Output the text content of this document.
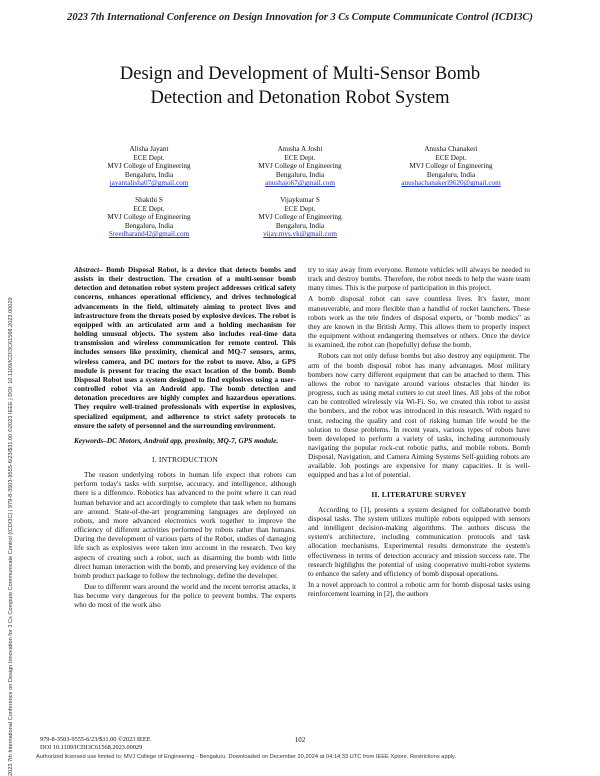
2023 7th International Conference on Design Innovation for 3 Cs Compute Communicate Control (ICDI3C)
2023 7th International Conference on Design Innovation for 3 Cs Compute Communicate Control (ICDI3C) | 979-8-3503-9555-6/23/$31.00 ©2023 IEEE | DOI: 10.1109/ICDI3C61568.2023.00029
Design and Development of Multi-Sensor Bomb
Detection and Detonation Robot System
Alisha Jayant
ECE Dept.
MVJ College of Engineering
Bengaluru, India
jayantalisha07@gmail.com
Anusha A Joshi
ECE Dept.
MVJ College of Engineering
Bengaluru, India
anushajo67@gmail.com
Anusha Chanakeri
ECE Dept.
MVJ College of Engineering
Bengaluru, India
anushachanakeri9620@gmail.com
Shakthi S
ECE Dept.
MVJ College of Engineering
Bengaluru, India
Sreedharand42@gmail.com
Vijaykumar S
ECE Dept.
MVJ College of Engineering
Bengaluru, India
vijay.mys.vk@gmail.com

Abstract– Bomb Disposal Robot, is a device that detects bombs and assists in their destruction. The creation of a multi-sensor bomb detection and detonation robot system project addresses critical safety concerns, enhances operational efficiency, and drives technological advancements in the field, ultimately aiming to protect lives and infrastructure from the threats posed by explosive devices. The robot is equipped with an articulated arm and a holding mechanism for holding unusual objects. The system also includes real-time data transmission and wireless communication for remote control. This includes sensors like proximity, chemical and MQ-7 sensors, arms, wireless camera, and DC motors for the robot to move. Also, a GPS module is present for tracing the exact location of the bomb. Bomb Disposal Robot uses a system designed to find explosives using a user-controlled robot via an Android app. The bomb detection and detonation procedures are highly complex and hazardous operations. They require well-trained professionals with expertise in explosives, specialized equipment, and adherence to strict safety protocols to ensure the safety of personnel and the surrounding environment.

Keywords–DC Motors, Android app, proximity, MQ-7, GPS module.

I. INTRODUCTION

The reason underlying robots in human life expect that robots can perform today's tasks with surprise, accuracy, and intelligence, although there is a difference. Robotics has advanced to the point where it can read human behavior and act accordingly to complete that task when no humans are around. State-of-the-art programming languages are deployed on robots, and more advanced electronics work together to improve the efficiency of different activities performed by robots rather than humans. During the development of various parts of the Robot, studies of damaging life such as explosives were taken into account in the research. Two key aspects of creating such a robot, such as disarming the bomb with little direct human interaction with the bomb, and preserving key evidence of the bomb product package to follow the technology, define the developer.

Due to different wars around the world and the recent terrorist attacks, it has become very dangerous for the police to prevent bombs. The experts who do most of the work also

try to stay away from everyone. Remote vehicles will always be needed to track and destroy bombs. Therefore, the robot needs to help the waste team many times. This is the purpose of participation in this project.

A bomb disposal robot can save countless lives. It's faster, more maneuverable, and more flexible than a handful of rocket launchers. These robots work as the tele finders of disposal experts, or "bomb medics" as they are known in the British Army. This allows them to properly inspect the equipment without endangering themselves or others. Once the device is examined, the robot can (hopefully) defuse the bomb.

Robots can not only defuse bombs but also destroy any equipment. The arm of the bomb disposal robot has many advantages. Most military bombers now carry different equipment that can be attached to them. This allows the robot to navigate around various obstacles that hinder its progress, such as using metal cutters to cut steel lines. All jobs of the robot can be controlled wirelessly via Wi-Fi. So, we created this robot to assist the bombers, and the robot was introduced in this research. With regard to trust, reducing the quality and cost of risking human life would be the solution to these problems. In recent years, various types of robots have been developed to perform a variety of tasks, including autonomously navigating the popular rock-cut robotic paths, and mobile robots. Bomb Disposal, Navigation, and Camera Aiming Systems Self-guiding robots are available. Job postings are expensive for many capacities. It is well-equipped and has a lot of potential.

II. LITERATURE SURVEY

According to [1], presents a system designed for collaborative bomb disposal tasks. The system utilizes multiple robots equipped with sensors and intelligent decision-making algorithms. The authors discuss the system's architecture, including communication protocols and task allocation mechanisms. Experimental results demonstrate the system's effectiveness in terms of detection accuracy and mission success rate. The research highlights the potential of using cooperative multi-robot systems to enhance the safety and efficiency of bomb disposal operations.

In a novel approach to control a robotic arm for bomb disposal tasks using reinforcement learning in [2], the authors

979-8-3503-9555-6/23/$31.00 ©2023 IEEE
DOI 10.1109/ICDI3C61568.2023.00029
102
Authorized licensed use limited to: MVJ College of Engineering - Bengaluru. Downloaded on December 20,2024 at 04:14:33 UTC from IEEE Xplore. Restrictions apply.
